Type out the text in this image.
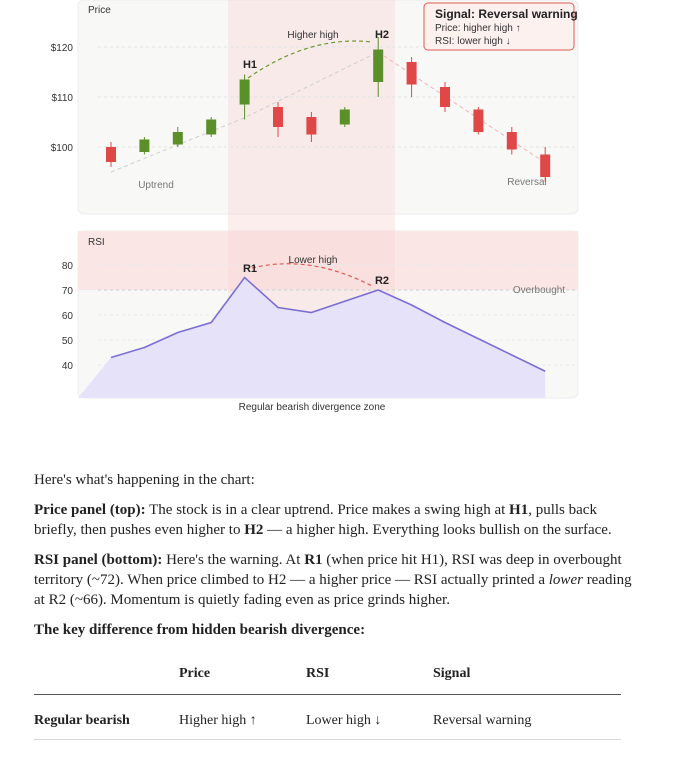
Price
RSI
$120
$110
$100
80
70
60
50
40
Higher high
H1
H2
Uptrend	Reversal
Signal: Reversal warning
Price: higher high ↑
RSI: lower high ↓
Lower high
R1
R2
Overbought
Regular bearish divergence zone

Here's what's happening in the chart:

Price panel (top): The stock is in a clear uptrend. Price makes a swing high at H1, pulls back briefly, then pushes even higher to H2 — a higher high. Everything looks bullish on the surface.

RSI panel (bottom): Here's the warning. At R1 (when price hit H1), RSI was deep in overbought territory (~72). When price climbed to H2 — a higher price — RSI actually printed a lower reading at R2 (~66). Momentum is quietly fading even as price grinds higher.

The key difference from hidden bearish divergence:

	Price	RSI	Signal
Regular bearish	Higher high ↑	Lower high ↓	Reversal warning
